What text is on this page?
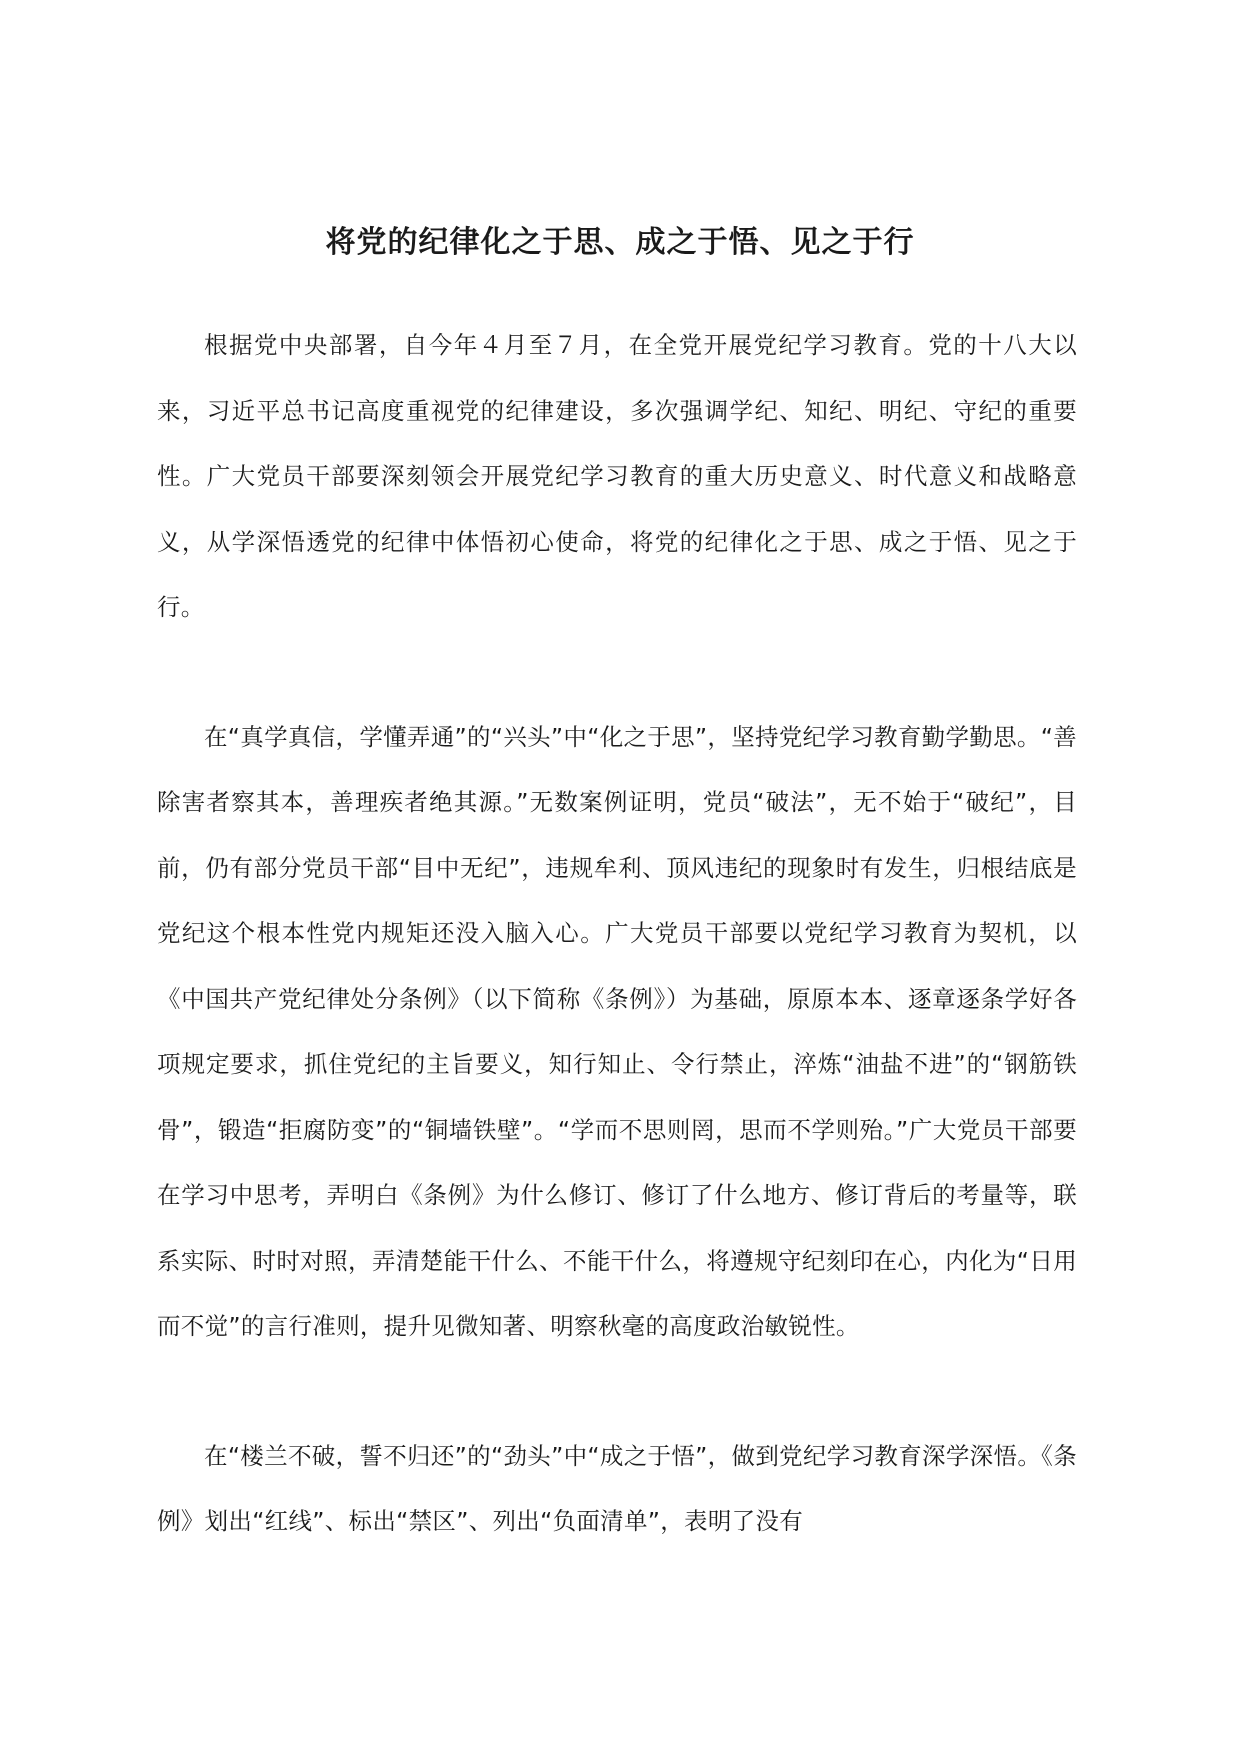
将党的纪律化之于思、成之于悟、见之于行

根据党中央部署，自今年４月至７月，在全党开展党纪学习教育。党的十八大以来，习近平总书记高度重视党的纪律建设，多次强调学纪、知纪、明纪、守纪的重要性。广大党员干部要深刻领会开展党纪学习教育的重大历史意义、时代意义和战略意义，从学深悟透党的纪律中体悟初心使命，将党的纪律化之于思、成之于悟、见之于行。

在“真学真信，学懂弄通”的“兴头”中“化之于思”，坚持党纪学习教育勤学勤思。“善除害者察其本，善理疾者绝其源。”无数案例证明，党员“破法”，无不始于“破纪”，目前，仍有部分党员干部“目中无纪”，违规牟利、顶风违纪的现象时有发生，归根结底是党纪这个根本性党内规矩还没入脑入心。广大党员干部要以党纪学习教育为契机，以《中国共产党纪律处分条例》（以下简称《条例》）为基础，原原本本、逐章逐条学好各项规定要求，抓住党纪的主旨要义，知行知止、令行禁止，淬炼“油盐不进”的“钢筋铁骨”，锻造“拒腐防变”的“铜墙铁壁”。“学而不思则罔，思而不学则殆。”广大党员干部要在学习中思考，弄明白《条例》为什么修订、修订了什么地方、修订背后的考量等，联系实际、时时对照，弄清楚能干什么、不能干什么，将遵规守纪刻印在心，内化为“日用而不觉”的言行准则，提升见微知著、明察秋毫的高度政治敏锐性。

在“楼兰不破，誓不归还”的“劲头”中“成之于悟”，做到党纪学习教育深学深悟。《条例》划出“红线”、标出“禁区”、列出“负面清单”，表明了没有
